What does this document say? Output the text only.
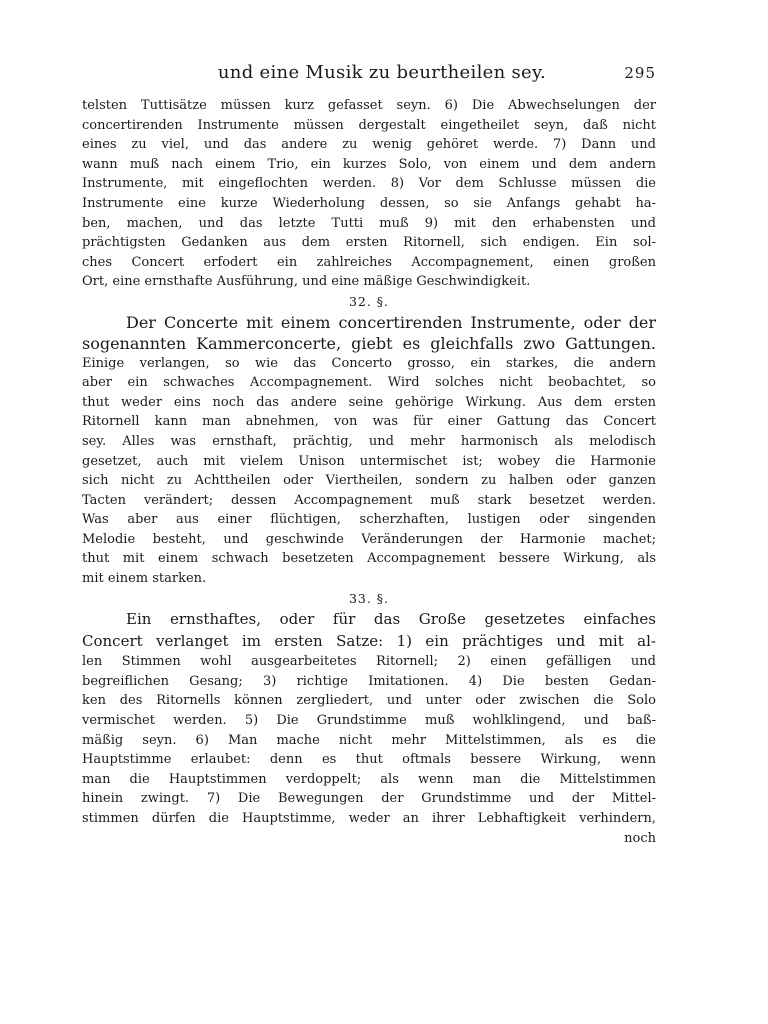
und eine Musik zu beurtheilen sey.	295
telsten Tuttisätze müssen kurz gefasset seyn. 6) Die Abwechselungen der
concertirenden Instrumente müssen dergestalt eingetheilet seyn, daß nicht
eines zu viel, und das andere zu wenig gehöret werde. 7) Dann und
wann muß nach einem Trio, ein kurzes Solo, von einem und dem andern
Instrumente, mit eingeflochten werden. 8) Vor dem Schlusse müssen die
Instrumente eine kurze Wiederholung dessen, so sie Anfangs gehabt ha-
ben, machen, und das letzte Tutti muß 9) mit den erhabensten und
prächtigsten Gedanken aus dem ersten Ritornell, sich endigen. Ein sol-
ches Concert erfodert ein zahlreiches Accompagnement, einen großen
Ort, eine ernsthafte Ausführung, und eine mäßige Geschwindigkeit.
32. §.
Der Concerte mit einem concertirenden Instrumente, oder der
sogenannten Kammerconcerte, giebt es gleichfalls zwo Gattungen.
Einige verlangen, so wie das Concerto grosso, ein starkes, die andern
aber ein schwaches Accompagnement. Wird solches nicht beobachtet, so
thut weder eins noch das andere seine gehörige Wirkung. Aus dem ersten
Ritornell kann man abnehmen, von was für einer Gattung das Concert
sey. Alles was ernsthaft, prächtig, und mehr harmonisch als melodisch
gesetzet, auch mit vielem Unison untermischet ist; wobey die Harmonie
sich nicht zu Achttheilen oder Viertheilen, sondern zu halben oder ganzen
Tacten verändert; dessen Accompagnement muß stark besetzet werden.
Was aber aus einer flüchtigen, scherzhaften, lustigen oder singenden
Melodie besteht, und geschwinde Veränderungen der Harmonie machet;
thut mit einem schwach besetzeten Accompagnement bessere Wirkung, als
mit einem starken.
33. §.
Ein ernsthaftes, oder für das Große gesetzetes einfaches
Concert verlanget im ersten Satze: 1) ein prächtiges und mit al-
len Stimmen wohl ausgearbeitetes Ritornell; 2) einen gefälligen und
begreiflichen Gesang; 3) richtige Imitationen. 4) Die besten Gedan-
ken des Ritornells können zergliedert, und unter oder zwischen die Solo
vermischet werden. 5) Die Grundstimme muß wohlklingend, und baß-
mäßig seyn. 6) Man mache nicht mehr Mittelstimmen, als es die
Hauptstimme erlaubet: denn es thut oftmals bessere Wirkung, wenn
man die Hauptstimmen verdoppelt; als wenn man die Mittelstimmen
hinein zwingt. 7) Die Bewegungen der Grundstimme und der Mittel-
stimmen dürfen die Hauptstimme, weder an ihrer Lebhaftigkeit verhindern,
noch
